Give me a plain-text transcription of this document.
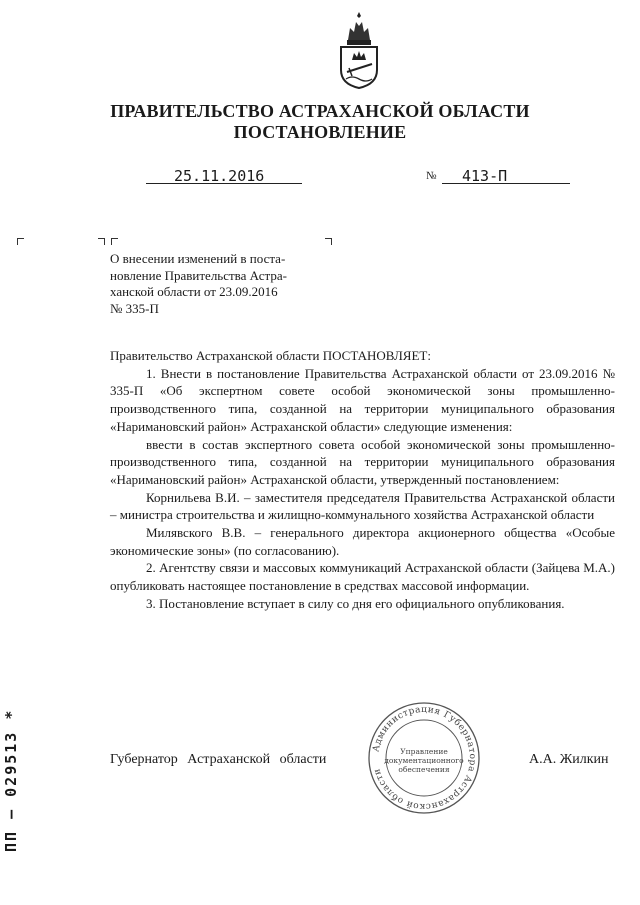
ПРАВИТЕЛЬСТВО АСТРАХАНСКОЙ ОБЛАСТИ
ПОСТАНОВЛЕНИЕ
25.11.2016	№ 413-П
О внесении изменений в поста-
новление Правительства Астра-
ханской области от 23.09.2016
№ 335-П

Правительство Астраханской области ПОСТАНОВЛЯЕТ:

1. Внести в постановление Правительства Астраханской области от 23.09.2016 № 335-П «Об экспертном совете особой экономической зоны промышленно-производственного типа, созданной на территории муниципального образования «Наримановский район» Астраханской области» следующие изменения:

ввести в состав экспертного совета особой экономической зоны промышленно-производственного типа, созданной на территории муниципального образования «Наримановский район» Астраханской области, утвержденный постановлением:

Корнильева В.И. – заместителя председателя Правительства Астраханской области – министра строительства и жилищно-коммунального хозяйства Астраханской области

Милявского В.В. – генерального директора акционерного общества «Особые экономические зоны» (по согласованию).

2. Агентству связи и массовых коммуникаций Астраханской области (Зайцева М.А.) опубликовать настоящее постановление в средствах массовой информации.

3. Постановление вступает в силу со дня его официального опубликования.

Администрация Губернатора Астраханской области
Управление
документационного
обеспечения
Губернатор Астраханской области	А.А. Жилкин
ПП – 029513 *
